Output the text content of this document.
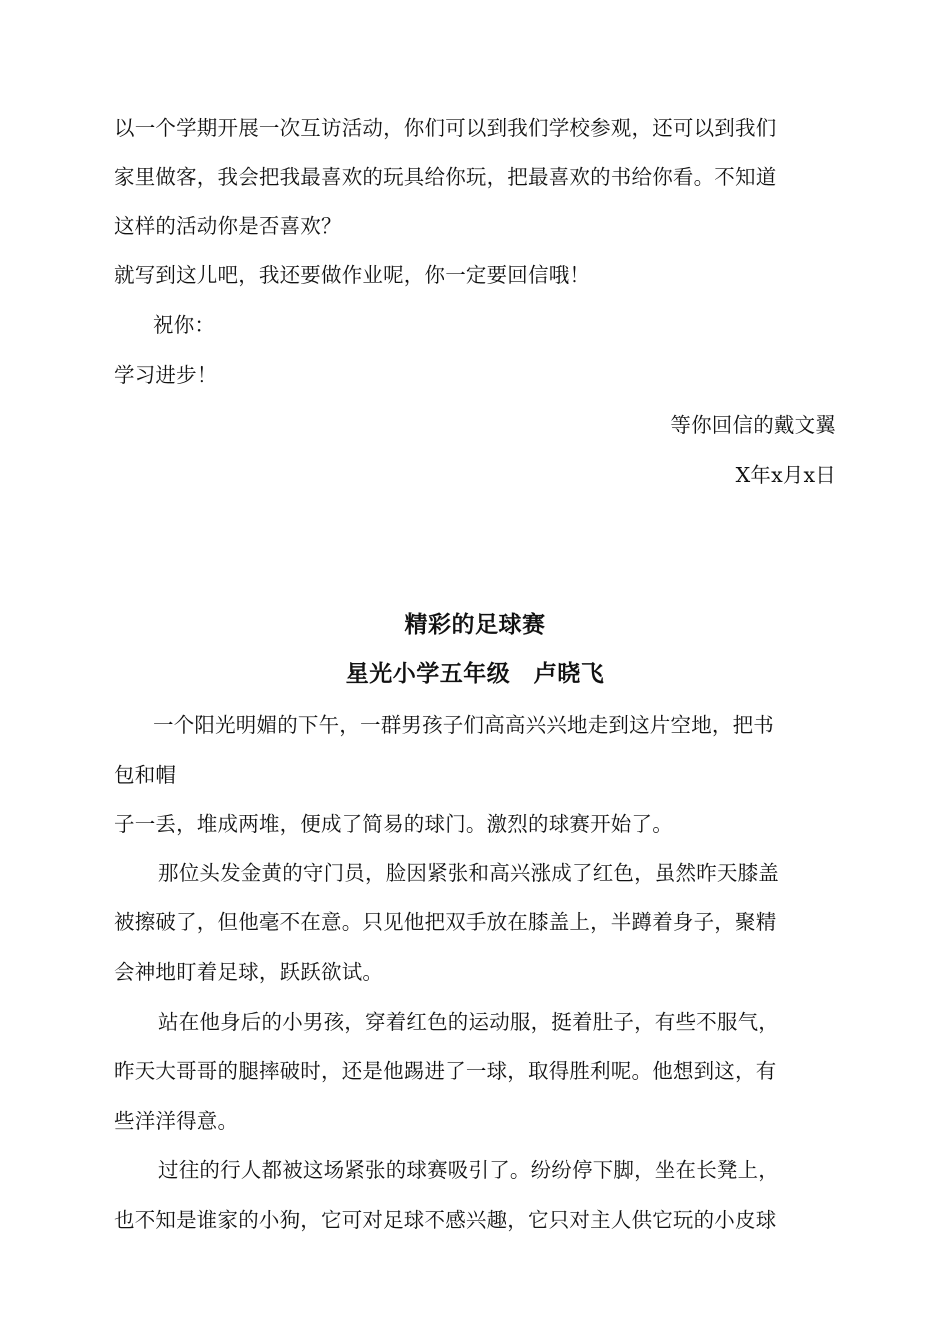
以一个学期开展一次互访活动，你们可以到我们学校参观，还可以到我们
家里做客，我会把我最喜欢的玩具给你玩，把最喜欢的书给你看。不知道
这样的活动你是否喜欢？
就写到这儿吧，我还要做作业呢，你一定要回信哦！
祝你：
学习进步！
等你回信的戴文翼
X年x月x日
精彩的足球赛
星光小学五年级　卢晓飞
一个阳光明媚的下午，一群男孩子们高高兴兴地走到这片空地，把书
包和帽
子一丢，堆成两堆，便成了简易的球门。激烈的球赛开始了。
那位头发金黄的守门员，脸因紧张和高兴涨成了红色，虽然昨天膝盖
被擦破了，但他毫不在意。只见他把双手放在膝盖上，半蹲着身子，聚精
会神地盯着足球，跃跃欲试。
站在他身后的小男孩，穿着红色的运动服，挺着肚子，有些不服气，
昨天大哥哥的腿摔破时，还是他踢进了一球，取得胜利呢。他想到这，有
些洋洋得意。
过往的行人都被这场紧张的球赛吸引了。纷纷停下脚，坐在长凳上，
也不知是谁家的小狗，它可对足球不感兴趣，它只对主人供它玩的小皮球
